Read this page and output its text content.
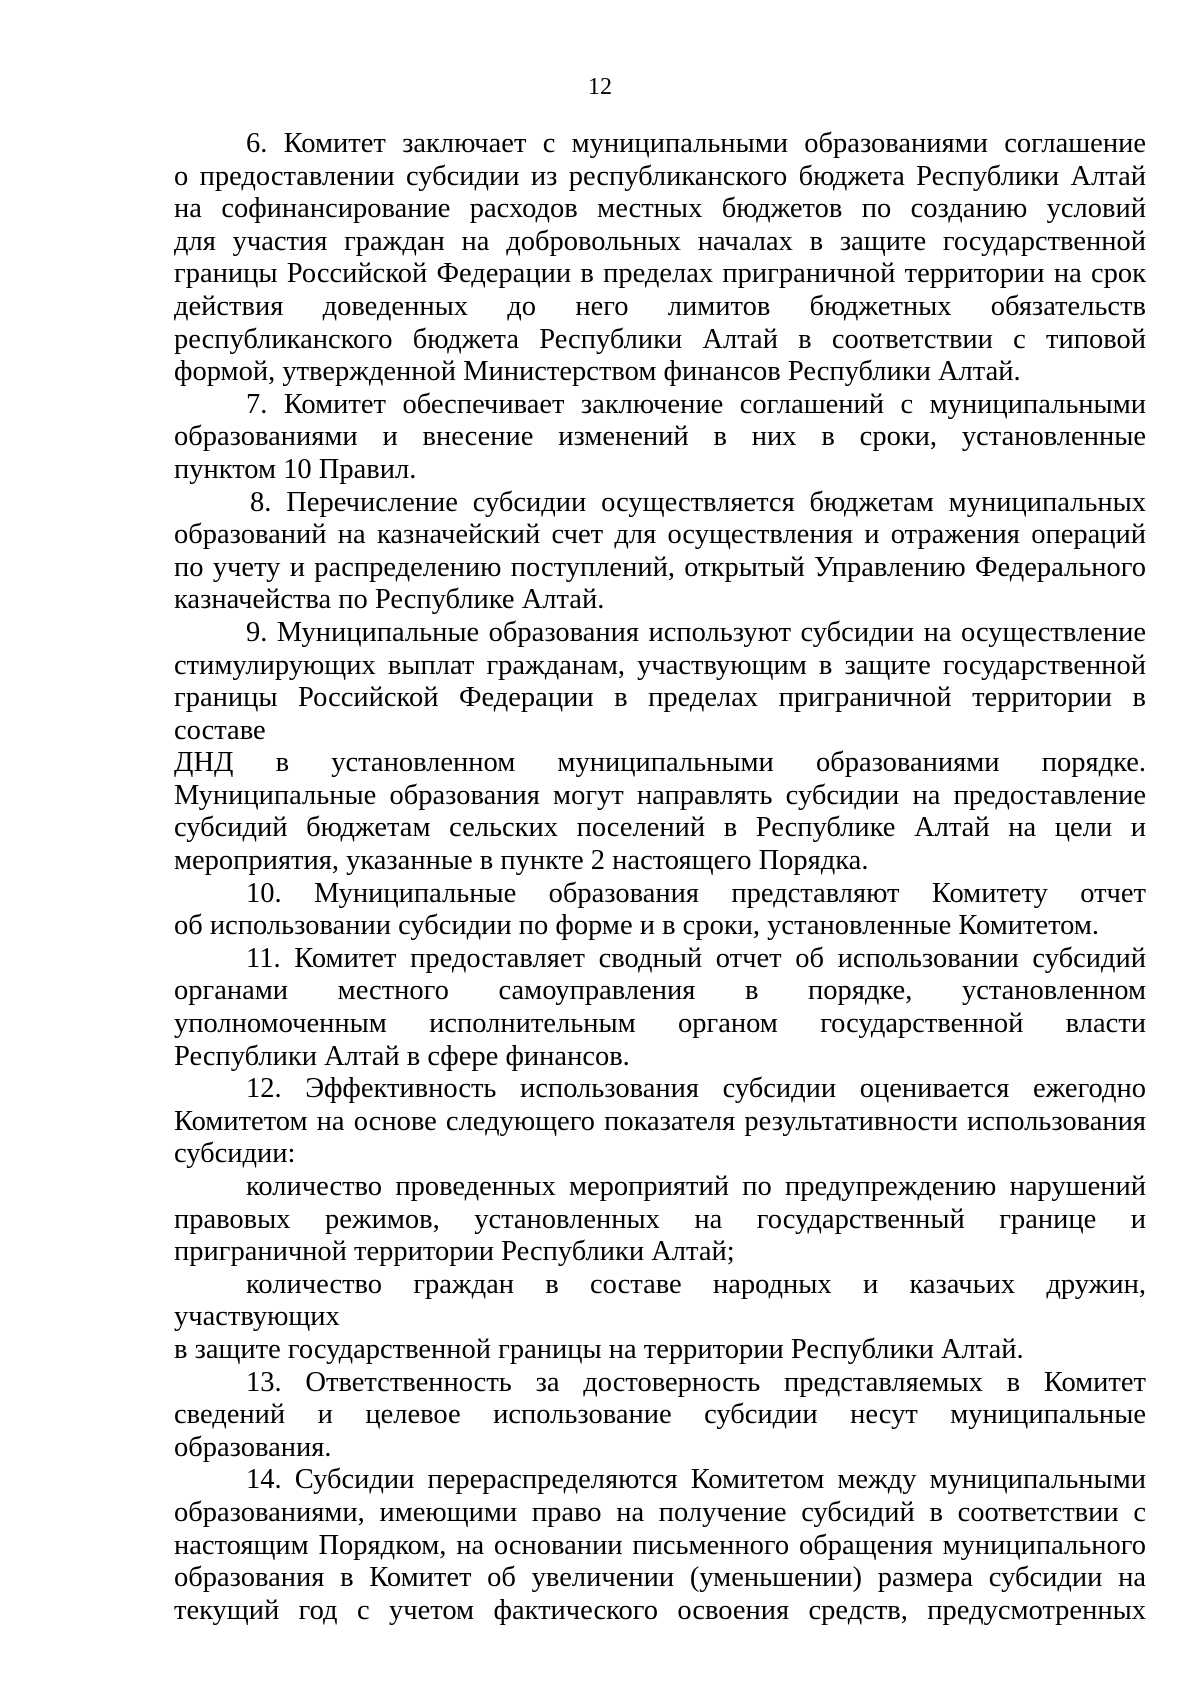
12

6. Комитет заключает с муниципальными образованиями соглашение
о предоставлении субсидии из республиканского бюджета Республики Алтай
на софинансирование расходов местных бюджетов по созданию условий
для участия граждан на добровольных началах в защите государственной
границы Российской Федерации в пределах приграничной территории на срок
действия доведенных до него лимитов бюджетных обязательств
республиканского бюджета Республики Алтай в соответствии с типовой
формой, утвержденной Министерством финансов Республики Алтай.

7. Комитет обеспечивает заключение соглашений с муниципальными
образованиями и внесение изменений в них в сроки, установленные
пунктом 10 Правил.

8. Перечисление субсидии осуществляется бюджетам муниципальных
образований на казначейский счет для осуществления и отражения операций
по учету и распределению поступлений, открытый Управлению Федерального
казначейства по Республике Алтай.

9. Муниципальные образования используют субсидии на осуществление
стимулирующих выплат гражданам, участвующим в защите государственной
границы Российской Федерации в пределах приграничной территории в составе
ДНД в установленном муниципальными образованиями порядке.
Муниципальные образования могут направлять субсидии на предоставление
субсидий бюджетам сельских поселений в Республике Алтай на цели и
мероприятия, указанные в пункте 2 настоящего Порядка.

10. Муниципальные образования представляют Комитету отчет
об использовании субсидии по форме и в сроки, установленные Комитетом.

11. Комитет предоставляет сводный отчет об использовании субсидий
органами местного самоуправления в порядке, установленном
уполномоченным исполнительным органом государственной власти
Республики Алтай в сфере финансов.

12. Эффективность использования субсидии оценивается ежегодно
Комитетом на основе следующего показателя результативности использования
субсидии:

количество проведенных мероприятий по предупреждению нарушений
правовых режимов, установленных на государственный границе и
приграничной территории Республики Алтай;

количество граждан в составе народных и казачьих дружин, участвующих
в защите государственной границы на территории Республики Алтай.

13. Ответственность за достоверность представляемых в Комитет
сведений и целевое использование субсидии несут муниципальные
образования.

14. Субсидии перераспределяются Комитетом между муниципальными
образованиями, имеющими право на получение субсидий в соответствии с
настоящим Порядком, на основании письменного обращения муниципального
образования в Комитет об увеличении (уменьшении) размера субсидии на
текущий год с учетом фактического освоения средств, предусмотренных
